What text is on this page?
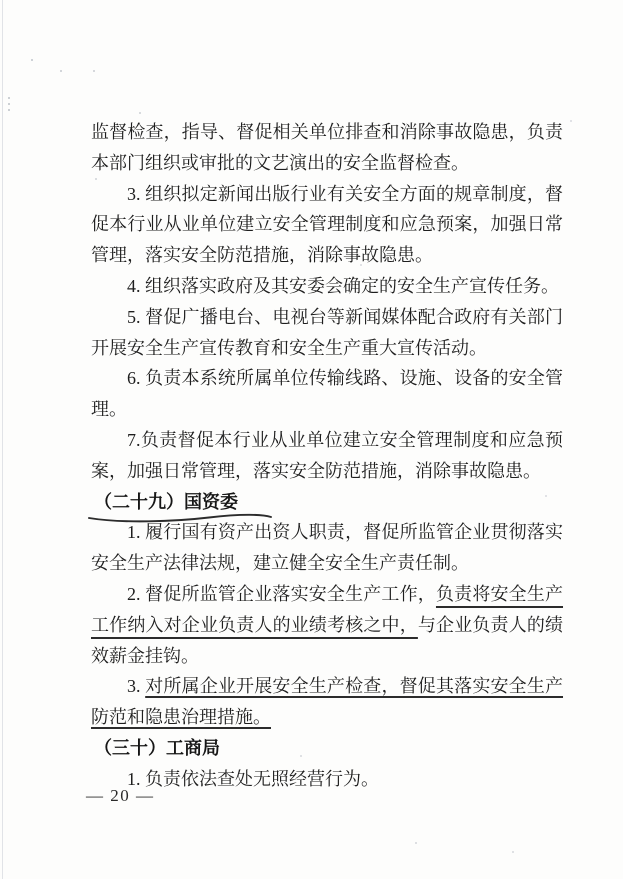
监督检查，指导、督促相关单位排查和消除事故隐患，负责本部门组织或审批的文艺演出的安全监督检查。

3. 组织拟定新闻出版行业有关安全方面的规章制度，督促本行业从业单位建立安全管理制度和应急预案，加强日常管理，落实安全防范措施，消除事故隐患。

4. 组织落实政府及其安委会确定的安全生产宣传任务。

5. 督促广播电台、电视台等新闻媒体配合政府有关部门开展安全生产宣传教育和安全生产重大宣传活动。

6. 负责本系统所属单位传输线路、设施、设备的安全管理。

7.负责督促本行业从业单位建立安全管理制度和应急预案，加强日常管理，落实安全防范措施，消除事故隐患。

（二十九）国资委

1. 履行国有资产出资人职责，督促所监管企业贯彻落实安全生产法律法规，建立健全安全生产责任制。

2. 督促所监管企业落实安全生产工作，负责将安全生产工作纳入对企业负责人的业绩考核之中，与企业负责人的绩效薪金挂钩。

3. 对所属企业开展安全生产检查，督促其落实安全生产防范和隐患治理措施。

（三十）工商局

1. 负责依法查处无照经营行为。

— 20 —
